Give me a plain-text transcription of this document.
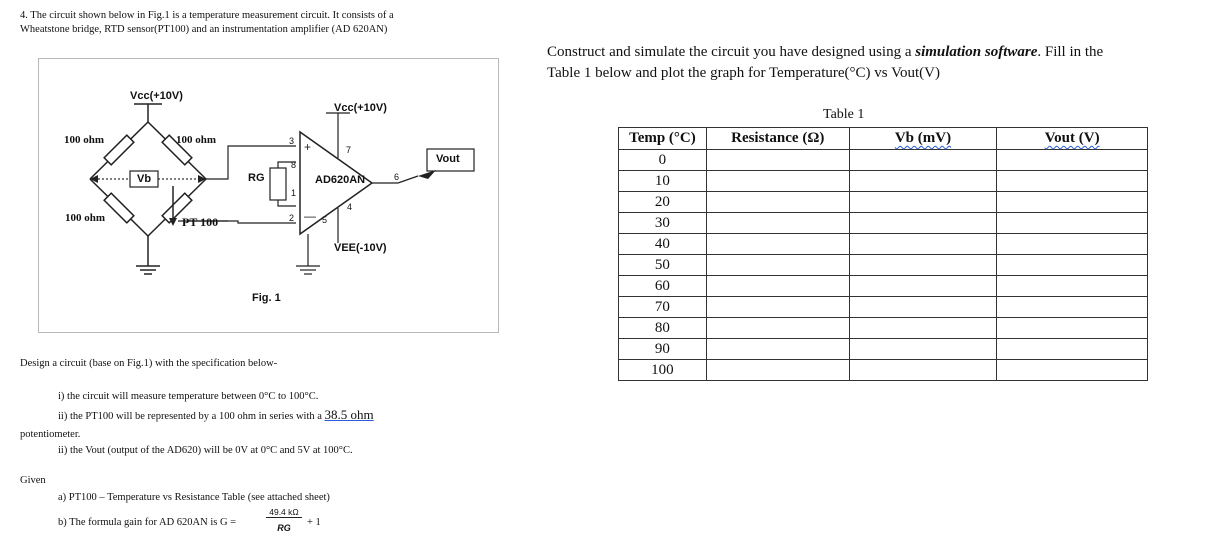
4. The circuit shown below in Fig.1 is a temperature measurement circuit. It consists of a
Wheatstone bridge, RTD sensor(PT100) and an instrumentation amplifier (AD 620AN)
+
—
Vcc(+10V)
Vcc(+10V)
100 ohm	100 ohm
100 ohm	PT 100
Vb	RG	AD620AN
Vout
VEE(-10V)
3
8
1
2
7
6
4
5
Fig. 1
Design a circuit (base on Fig.1) with the specification below-
i) the circuit will measure temperature between 0°C to 100°C.
ii) the PT100 will be represented by a 100 ohm in series with a 38.5 ohm
potentiometer.
ii) the Vout (output of the AD620) will be 0V at 0°C and 5V at 100°C.
Given
a) PT100 – Temperature vs Resistance Table (see attached sheet)
b) The formula gain for AD 620AN is G =
49.4 kΩ
RG	+ 1
Construct and simulate the circuit you have designed using a simulation software. Fill in the
Table 1 below and plot the graph for Temperature(°C) vs Vout(V)
Table 1
Temp (°C)	Resistance (Ω)	Vb (mV)	Vout (V)
0			
10			
20			
30			
40			
50			
60			
70			
80			
90			
100			
